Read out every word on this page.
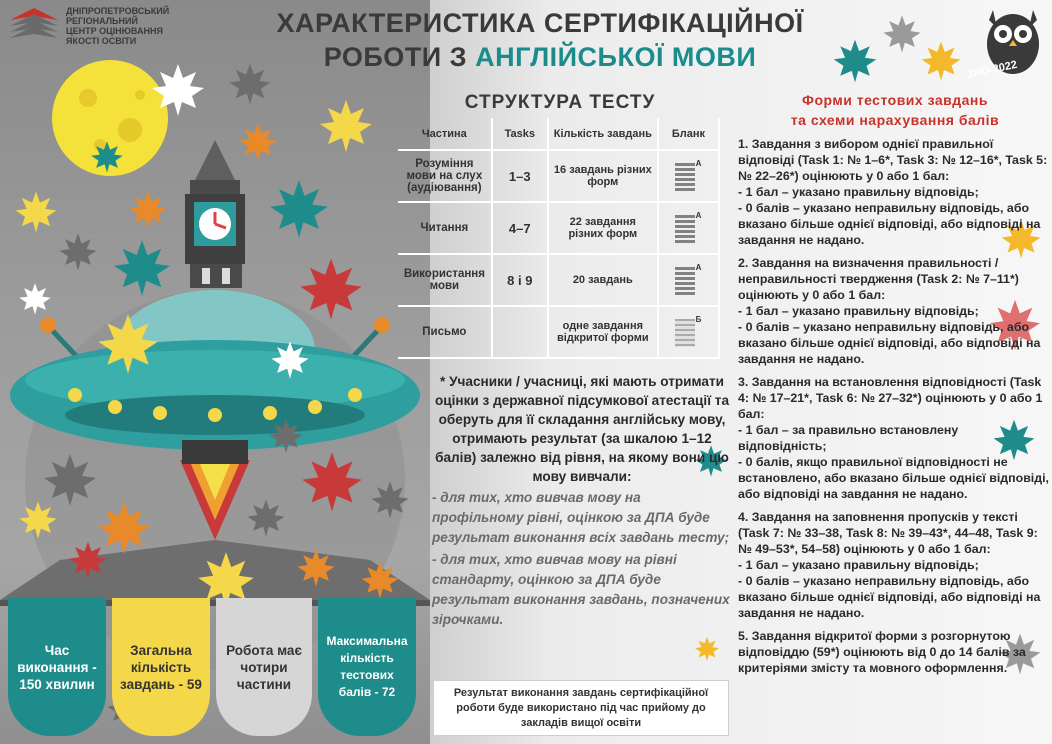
ДНІПРОПЕТРОВСЬКИЙ
РЕГІОНАЛЬНИЙ
ЦЕНТР ОЦІНЮВАННЯ
ЯКОСТІ ОСВІТИ
ХАРАКТЕРИСТИКА СЕРТИФІКАЦІЙНОЇ
РОБОТИ З АНГЛІЙСЬКОЇ МОВИ	ЗНО-2022
СТРУКТУРА ТЕСТУ
Частина	Tasks	Кількість завдань	Бланк
Розуміння мови на слух (аудіювання)	1–3	16 завдань різних форм	А

Читання	4–7	22 завдання різних форм	А

Використання мови	8 і 9	20 завдань	А

Письмо		одне завдання відкритої форми	Б

* Учасники / учасниці, які мають отримати оцінки з державної підсумкової атестації та оберуть для її складання англійську мову, отримають результат (за шкалою 1–12 балів) залежно від рівня, на якому вони цю мову вивчали:

- для тих, хто вивчав мову на профільному рівні, оцінкою за ДПА буде результат виконання всіх завдань тесту;

- для тих, хто вивчав мову на рівні стандарту, оцінкою за ДПА буде результат виконання завдань, позначених зірочками.

Результат виконання завдань сертифікаційної роботи буде використано під час прийому до закладів вищої освіти
Форми тестових завдань
та схеми нарахування балів
1. Завдання з вибором однієї правильної відповіді (Task 1: № 1–6*, Task 3: № 12–16*, Task 5: № 22–26*) оцінюють у 0 або 1 бал:
- 1 бал – указано правильну відповідь;
- 0 балів – указано неправильну відповідь, або вказано більше однієї відповіді, або відповіді на завдання не надано.
2. Завдання на визначення правильності / неправильності твердження (Task 2: № 7–11*) оцінюють у 0 або 1 бал:
- 1 бал – указано правильну відповідь;
- 0 балів – указано неправильну відповідь, або вказано більше однієї відповіді, або відповіді на завдання не надано.
3. Завдання на встановлення відповідності (Task 4: № 17–21*, Task 6: № 27–32*) оцінюють у 0 або 1 бал:
- 1 бал – за правильно встановлену відповідність;
- 0 балів, якщо правильної відповідності не встановлено, або вказано більше однієї відповіді, або відповіді на завдання не надано.
4. Завдання на заповнення пропусків у тексті (Task 7: № 33–38, Task 8: № 39–43*, 44–48, Task 9: № 49–53*, 54–58) оцінюють у 0 або 1 бал:
- 1 бал – указано правильну відповідь;
- 0 балів – указано неправильну відповідь, або вказано більше однієї відповіді, або відповіді на завдання не надано.
5. Завдання відкритої форми з розгорнутою відповіддю (59*) оцінюють від 0 до 14 балів за критеріями змісту та мовного оформлення.
Час виконання - 150 хвилин
Загальна кількість завдань - 59
Робота має чотири частини
Максимальна кількість тестових балів - 72
